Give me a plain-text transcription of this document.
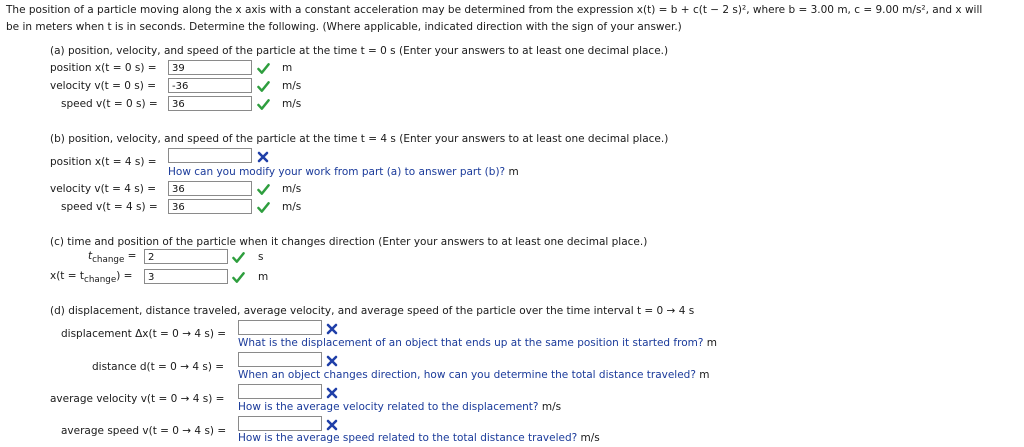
The position of a particle moving along the x axis with a constant acceleration may be determined from the expression x(t) = b + c(t − 2 s)², where b = 3.00 m, c = 9.00 m/s², and x will
be in meters when t is in seconds. Determine the following. (Where applicable, indicated direction with the sign of your answer.)
(a) position, velocity, and speed of the particle at the time t = 0 s (Enter your answers to at least one decimal place.)
position x(t = 0 s) =	39	m
velocity v(t = 0 s) =	-36	m/s
speed v(t = 0 s) =	36	m/s
(b) position, velocity, and speed of the particle at the time t = 4 s (Enter your answers to at least one decimal place.)
position x(t = 4 s) =
How can you modify your work from part (a) to answer part (b)? m
velocity v(t = 4 s) =	36	m/s
speed v(t = 4 s) =	36	m/s
(c) time and position of the particle when it changes direction (Enter your answers to at least one decimal place.)
$t_{change}$ =	2	s
$x(t = t_{change})$ =	3	m
(d) displacement, distance traveled, average velocity, and average speed of the particle over the time interval t = 0 → 4 s
displacement Δx(t = 0 → 4 s) =
What is the displacement of an object that ends up at the same position it started from? m
distance d(t = 0 → 4 s) =
When an object changes direction, how can you determine the total distance traveled? m
average velocity v(t = 0 → 4 s) =
How is the average velocity related to the displacement? m/s
average speed v(t = 0 → 4 s) =
How is the average speed related to the total distance traveled? m/s
